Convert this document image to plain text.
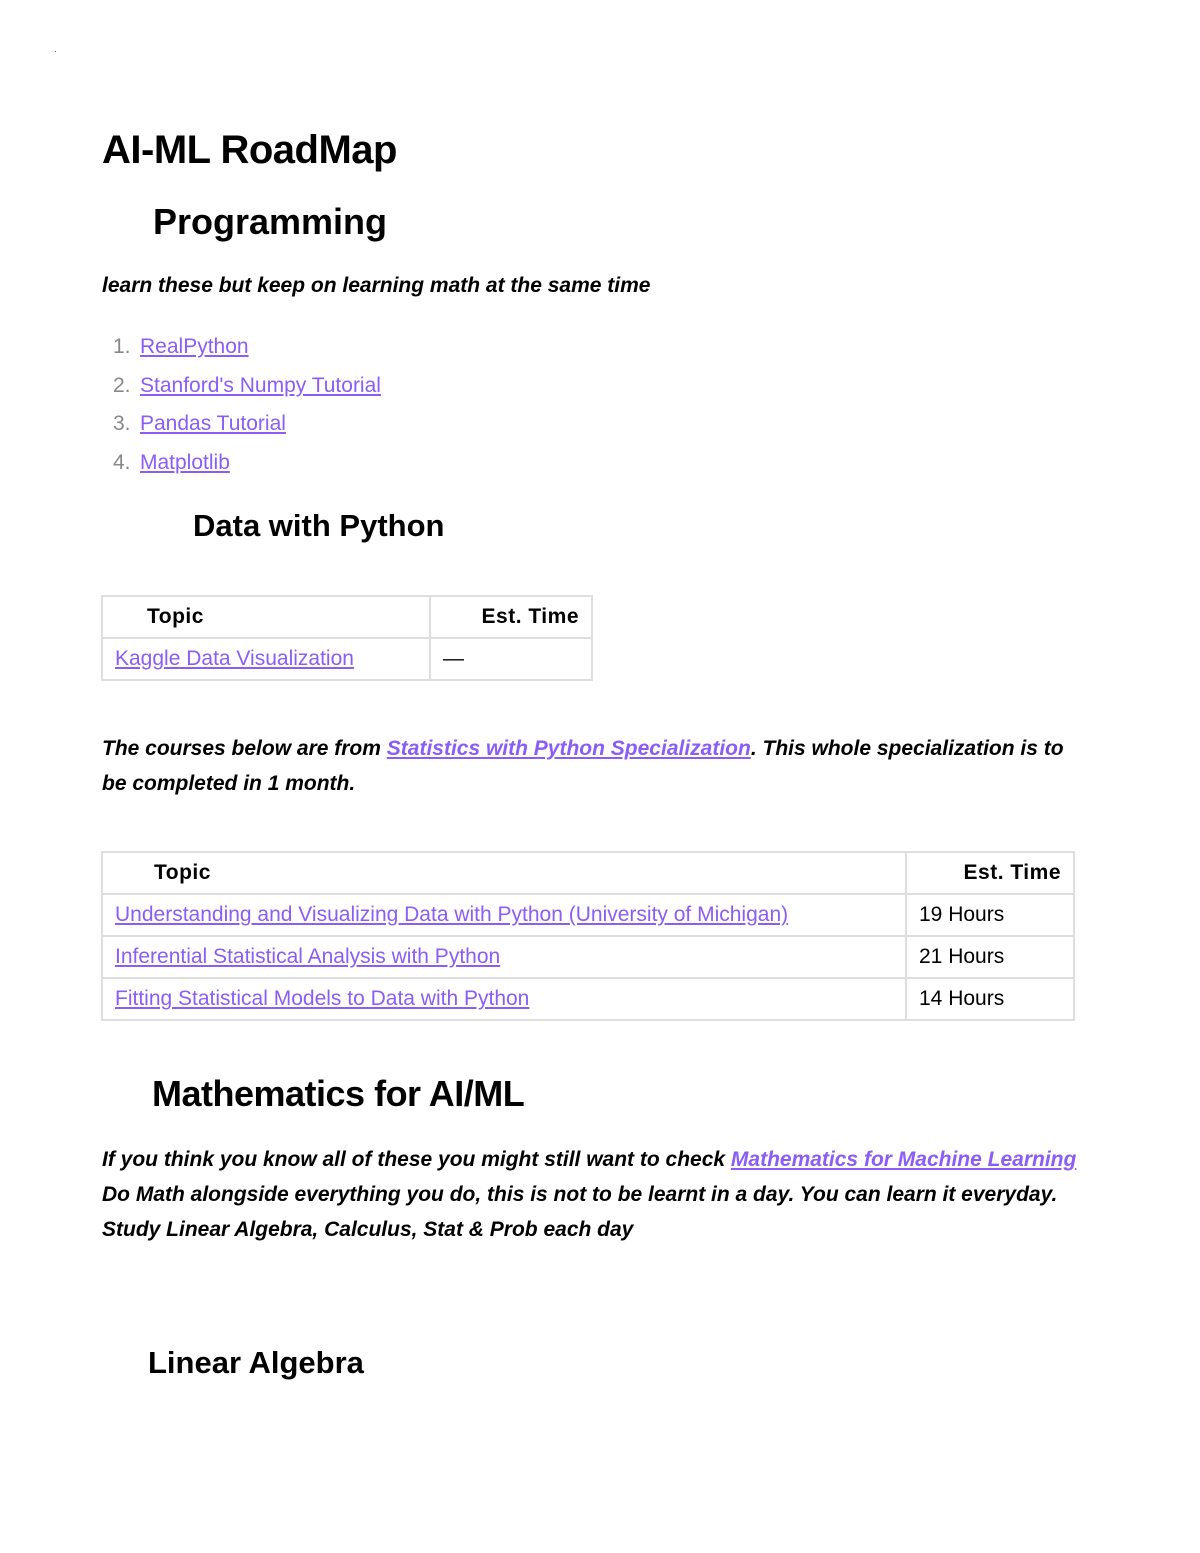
.
AI-ML RoadMap
Programming

learn these but keep on learning math at the same time

1. RealPython
2. Stanford's Numpy Tutorial
3. Pandas Tutorial
4. Matplotlib
Data with Python
Topic	Est. Time
Kaggle Data Visualization	—

The courses below are from Statistics with Python Specialization. This whole specialization is to be completed in 1 month.

Topic	Est. Time
Understanding and Visualizing Data with Python (University of Michigan)	19 Hours
Inferential Statistical Analysis with Python	21 Hours
Fitting Statistical Models to Data with Python	14 Hours
Mathematics for AI/ML

If you think you know all of these you might still want to check Mathematics for Machine Learning
Do Math alongside everything you do, this is not to be learnt in a day. You can learn it everyday.
Study Linear Algebra, Calculus, Stat & Prob each day

Linear Algebra
